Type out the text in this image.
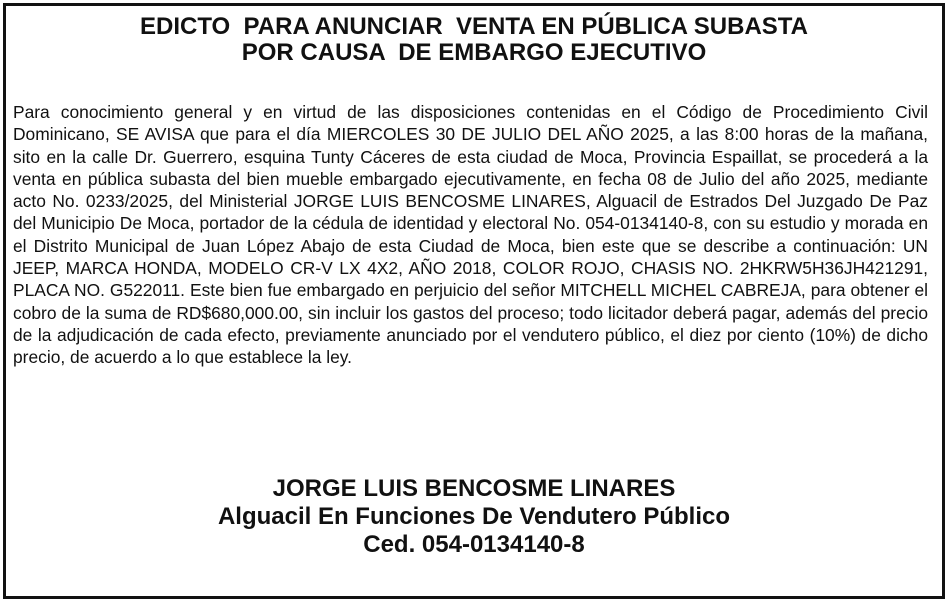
EDICTO  PARA ANUNCIAR  VENTA EN PÚBLICA SUBASTA
POR CAUSA  DE EMBARGO EJECUTIVO
Para conocimiento general y en virtud de las disposiciones contenidas en el Código de Procedimiento Civil Dominicano, SE AVISA que para el día MIERCOLES 30 DE JULIO DEL AÑO 2025, a las 8:00 horas de la mañana, sito en la calle Dr. Guerrero, esquina Tunty Cáceres de esta ciudad de Moca, Provincia Espaillat, se procederá a la venta en pública subasta del bien mueble embargado ejecutivamente, en fecha 08 de Julio del año 2025, mediante acto No. 0233/2025, del Ministerial JORGE LUIS BENCOSME LINARES, Alguacil de Estrados Del Juzgado De Paz del Municipio De Moca, portador de la cédula de identidad y electoral No. 054-0134140-8, con su estudio y morada en el Distrito Municipal de Juan López Abajo de esta Ciudad de Moca, bien este que se describe a continuación: UN JEEP, MARCA HONDA, MODELO CR-V LX 4X2, AÑO 2018, COLOR ROJO, CHASIS NO. 2HKRW5H36JH421291, PLACA NO. G522011. Este bien fue embargado en perjuicio del señor MITCHELL MICHEL CABREJA, para obtener el cobro de la suma de RD$680,000.00, sin incluir los gastos del proceso; todo licitador deberá pagar, además del precio de la adjudicación de cada efecto, previamente anunciado por el vendutero público, el diez por ciento (10%) de dicho precio, de acuerdo a lo que establece la ley.
JORGE LUIS BENCOSME LINARES
Alguacil En Funciones De Vendutero Público
Ced. 054-0134140-8
